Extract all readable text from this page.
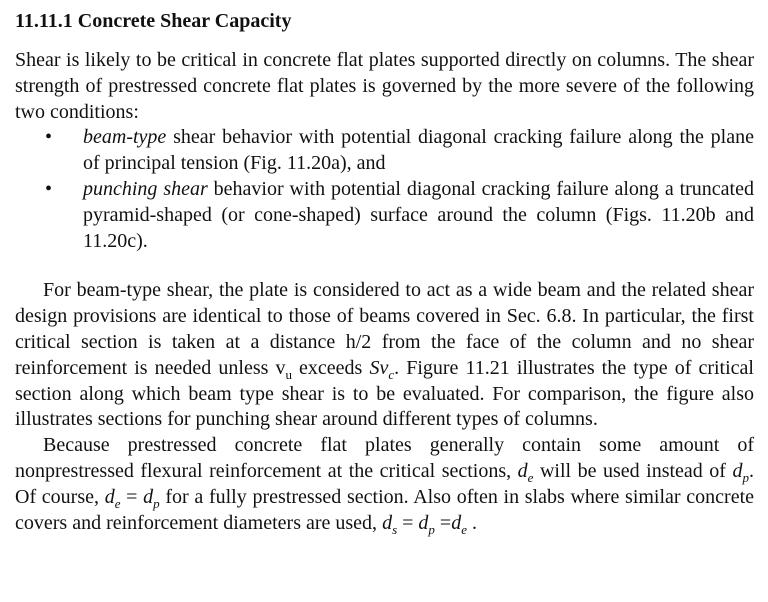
11.11.1 Concrete Shear Capacity

Shear is likely to be critical in concrete flat plates supported directly on columns. The shear strength of prestressed concrete flat plates is governed by the more severe of the following two conditions:

• beam-type shear behavior with potential diagonal cracking failure along the plane of principal tension (Fig. 11.20a), and
• punching shear behavior with potential diagonal cracking failure along a truncated pyramid-shaped (or cone-shaped) surface around the column (Figs. 11.20b and 11.20c).

For beam-type shear, the plate is considered to act as a wide beam and the related shear design provisions are identical to those of beams covered in Sec. 6.8. In particular, the first critical section is taken at a distance h/2 from the face of the column and no shear reinforcement is needed unless $v_u$ exceeds $Sv_c$. Figure 11.21 illustrates the type of critical section along which beam type shear is to be evaluated. For comparison, the figure also illustrates sections for punching shear around different types of columns.

Because prestressed concrete flat plates generally contain some amount of nonprestressed flexural reinforcement at the critical sections, $d_e$ will be used instead of $d_p$. Of course, $d_e = d_p$ for a fully prestressed section. Also often in slabs where similar concrete covers and reinforcement diameters are used, $d_s = d_p =d_e$ .
